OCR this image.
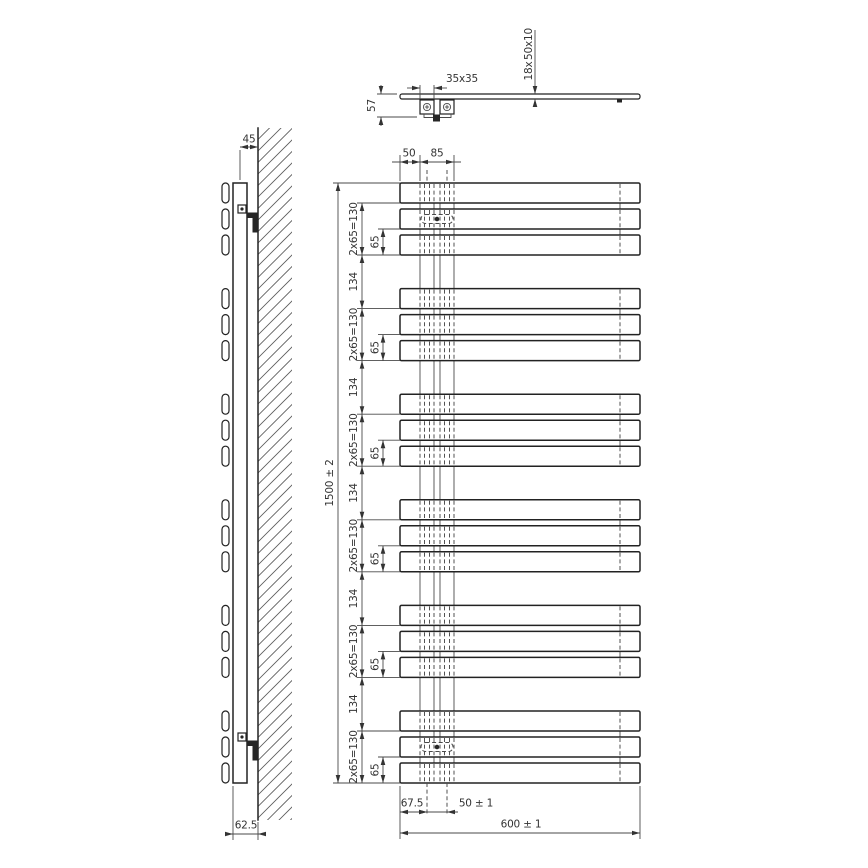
45
62.5
35x35
57
18x
50x10
50 85
2x65=130
134
65
2x65=130
134
65
2x65=130
134
65
2x65=130
134
65
2x65=130
134
65
2x65=130 65
1500 ± 2
67.5	50 ± 1
600 ± 1
